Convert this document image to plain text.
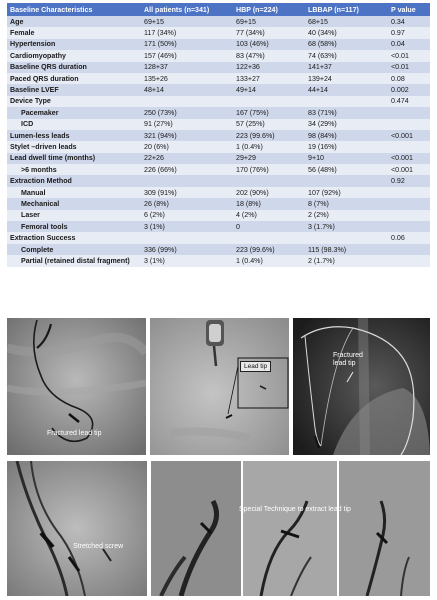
Baseline Characteristics	All patients (n=341)	HBP (n=224)	LBBAP (n=117)	P value
Age	69+15	69+15	68+15	0.34
Female	117 (34%)	77 (34%)	40 (34%)	0.97
Hypertension	171 (50%)	103 (46%)	68 (58%)	0.04
Cardiomyopathy	157 (46%)	83 (47%)	74 (63%)	<0.01
Baseline QRS duration	128+37	122+36	141+37	<0.01
Paced QRS duration	135+26	133+27	139+24	0.08
Baseline LVEF	48+14	49+14	44+14	0.002
Device Type				0.474
Pacemaker	250 (73%)	167 (75%)	83 (71%)	
ICD	91 (27%)	57 (25%)	34 (29%)	
Lumen-less leads	321 (94%)	223 (99.6%)	98 (84%)	<0.001
Stylet –driven leads	20 (6%)	1 (0.4%)	19 (16%)	
Lead dwell time (months)	22+26	29+29	9+10	<0.001
>6 months	226 (66%)	170 (76%)	56 (48%)	<0.001
Extraction Method				0.92
Manual	309 (91%)	202 (90%)	107 (92%)	
Mechanical	26 (8%)	18 (8%)	8 (7%)	
Laser	6 (2%)	4 (2%)	2 (2%)	
Femoral tools	3 (1%)	0	3 (1.7%)	
Extraction Success				0.06
Complete	336 (99%)	223 (99.6%)	115 (98.3%)	
Partial (retained distal fragment)	3 (1%)	1 (0.4%)	2 (1.7%)	
Fractured lead tip
Lead tip
Fractured
lead tip
Stretched screw
Special Technique to extract lead tip
